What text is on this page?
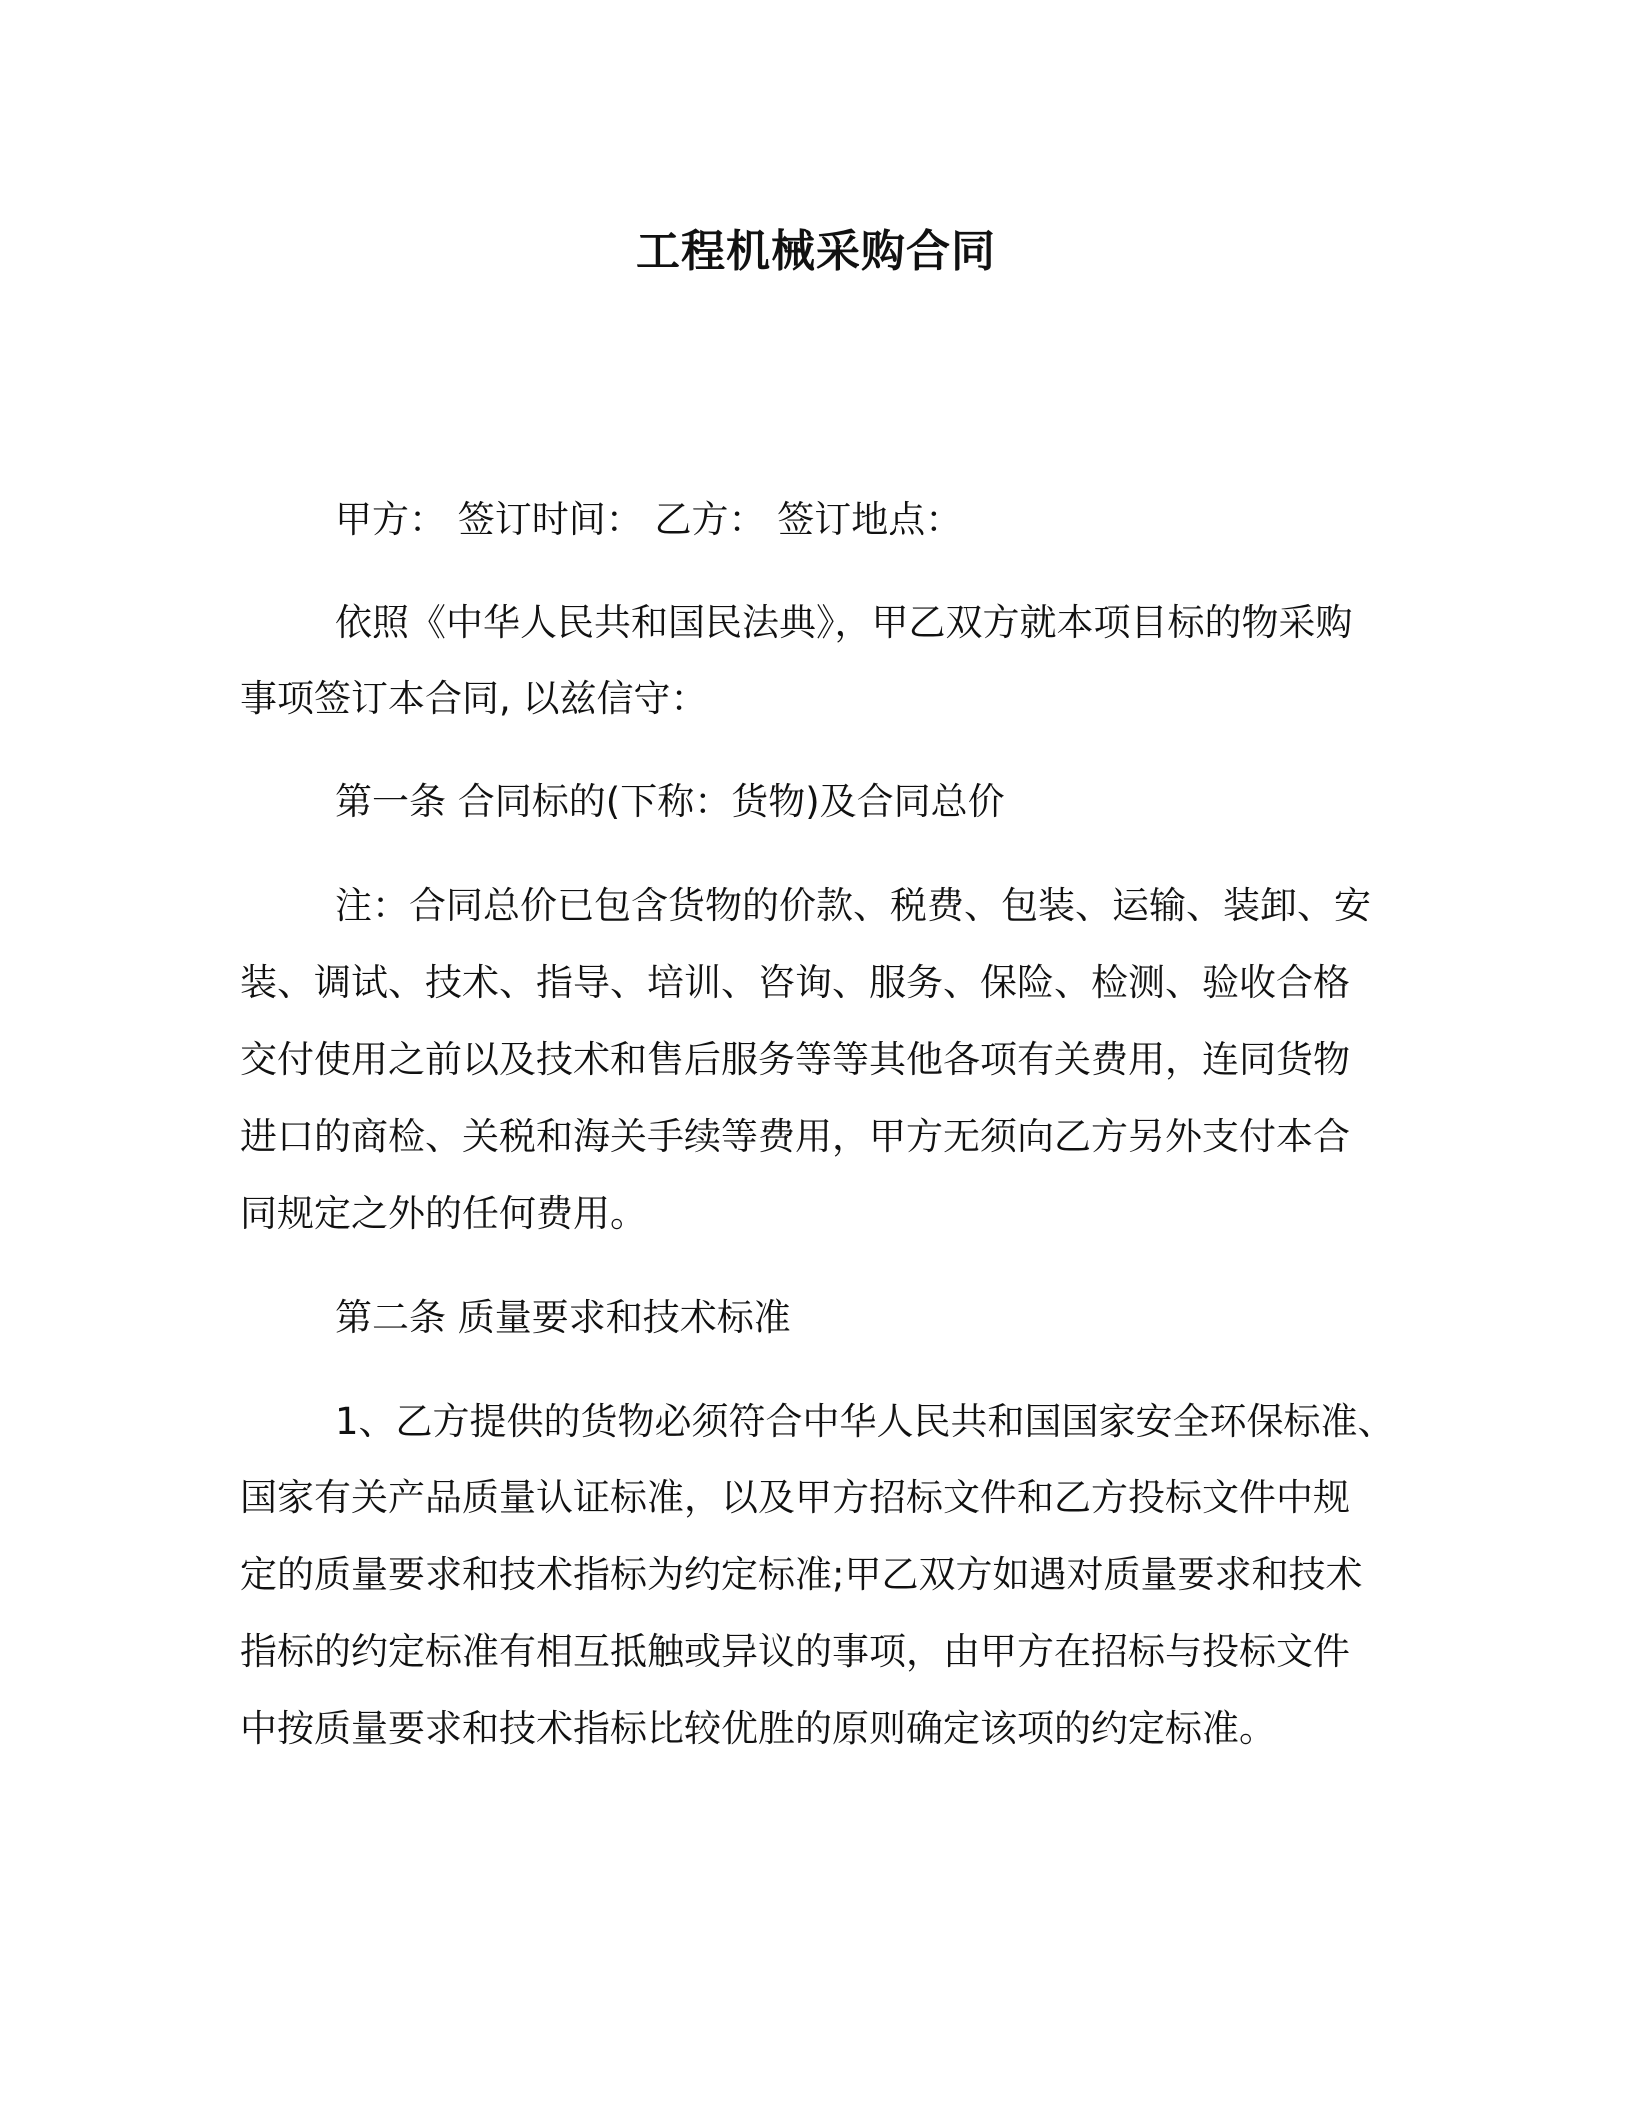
工程机械采购合同
甲方： 签订时间： 乙方： 签订地点：
依照《中华人民共和国民法典》，甲乙双方就本项目标的物采购
事项签订本合同, 以兹信守：
第一条 合同标的(下称：货物)及合同总价
注：合同总价已包含货物的价款、税费、包装、运输、装卸、安
装、调试、技术、指导、培训、咨询、服务、保险、检测、验收合格
交付使用之前以及技术和售后服务等等其他各项有关费用，连同货物
进口的商检、关税和海关手续等费用，甲方无须向乙方另外支付本合
同规定之外的任何费用。
第二条 质量要求和技术标准
1、乙方提供的货物必须符合中华人民共和国国家安全环保标准、
国家有关产品质量认证标准，以及甲方招标文件和乙方投标文件中规
定的质量要求和技术指标为约定标准;甲乙双方如遇对质量要求和技术
指标的约定标准有相互抵触或异议的事项，由甲方在招标与投标文件
中按质量要求和技术指标比较优胜的原则确定该项的约定标准。
